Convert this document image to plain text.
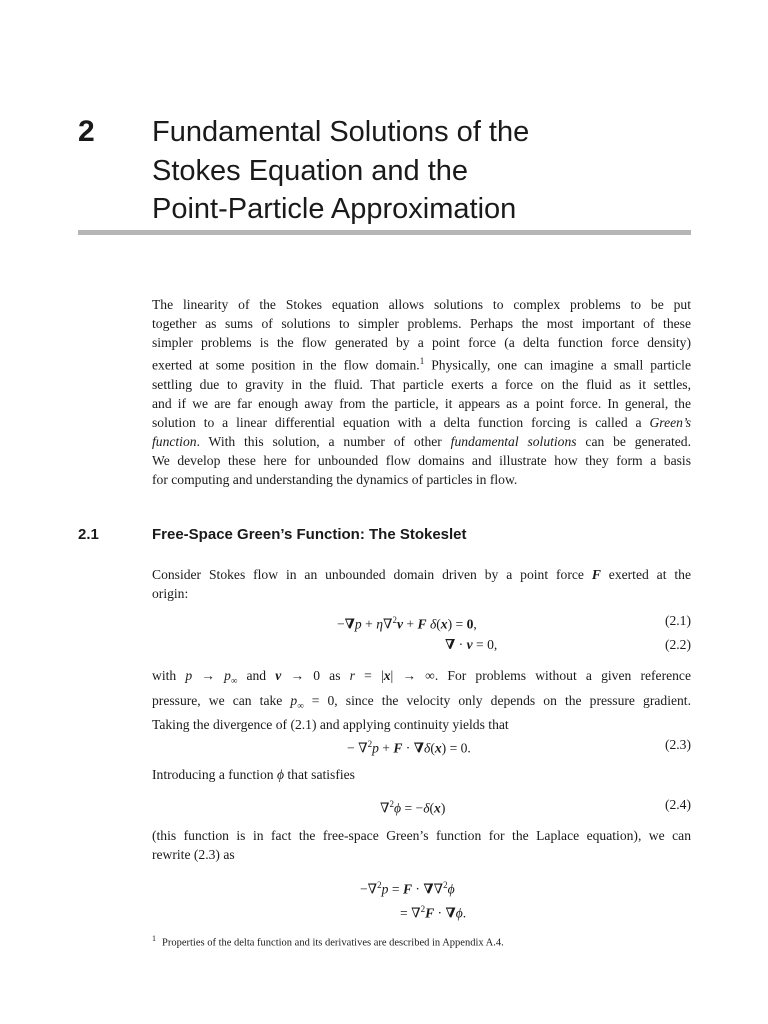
2 Fundamental Solutions of the
Stokes Equation and the
Point-Particle Approximation
The linearity of the Stokes equation allows solutions to complex problems to be put
together as sums of solutions to simpler problems. Perhaps the most important of these
simpler problems is the flow generated by a point force (a delta function force density)
exerted at some position in the flow domain.$^1$ Physically, one can imagine a small particle
settling due to gravity in the fluid. That particle exerts a force on the fluid as it settles,
and if we are far enough away from the particle, it appears as a point force. In general, the
solution to a linear differential equation with a delta function forcing is called a Green’s
function. With this solution, a number of other fundamental solutions can be generated.
We develop these here for unbounded flow domains and illustrate how they form a basis
for computing and understanding the dynamics of particles in flow.
2.1	Free-Space Green’s Function: The Stokeslet
Consider Stokes flow in an unbounded domain driven by a point force F exerted at the
origin:
−∇p + η∇$^2$v + F δ(x) = 0,	(2.1)
∇ · v = 0,	(2.2)
with $p \to p_\infty$ and v → 0 as r = |x| → ∞. For problems without a given reference
pressure, we can take $p_\infty = 0$, since the velocity only depends on the pressure gradient.
Taking the divergence of (2.1) and applying continuity yields that
− ∇$^2$p + F · ∇δ(x) = 0.	(2.3)
Introducing a function ϕ that satisfies
∇$^2$ϕ = −δ(x)	(2.4)
(this function is in fact the free-space Green’s function for the Laplace equation), we can
rewrite (2.3) as
−∇$^2$p = F · ∇∇$^2$ϕ
= ∇$^2$F · ∇ϕ.
$^1$ Properties of the delta function and its derivatives are described in Appendix A.4.
